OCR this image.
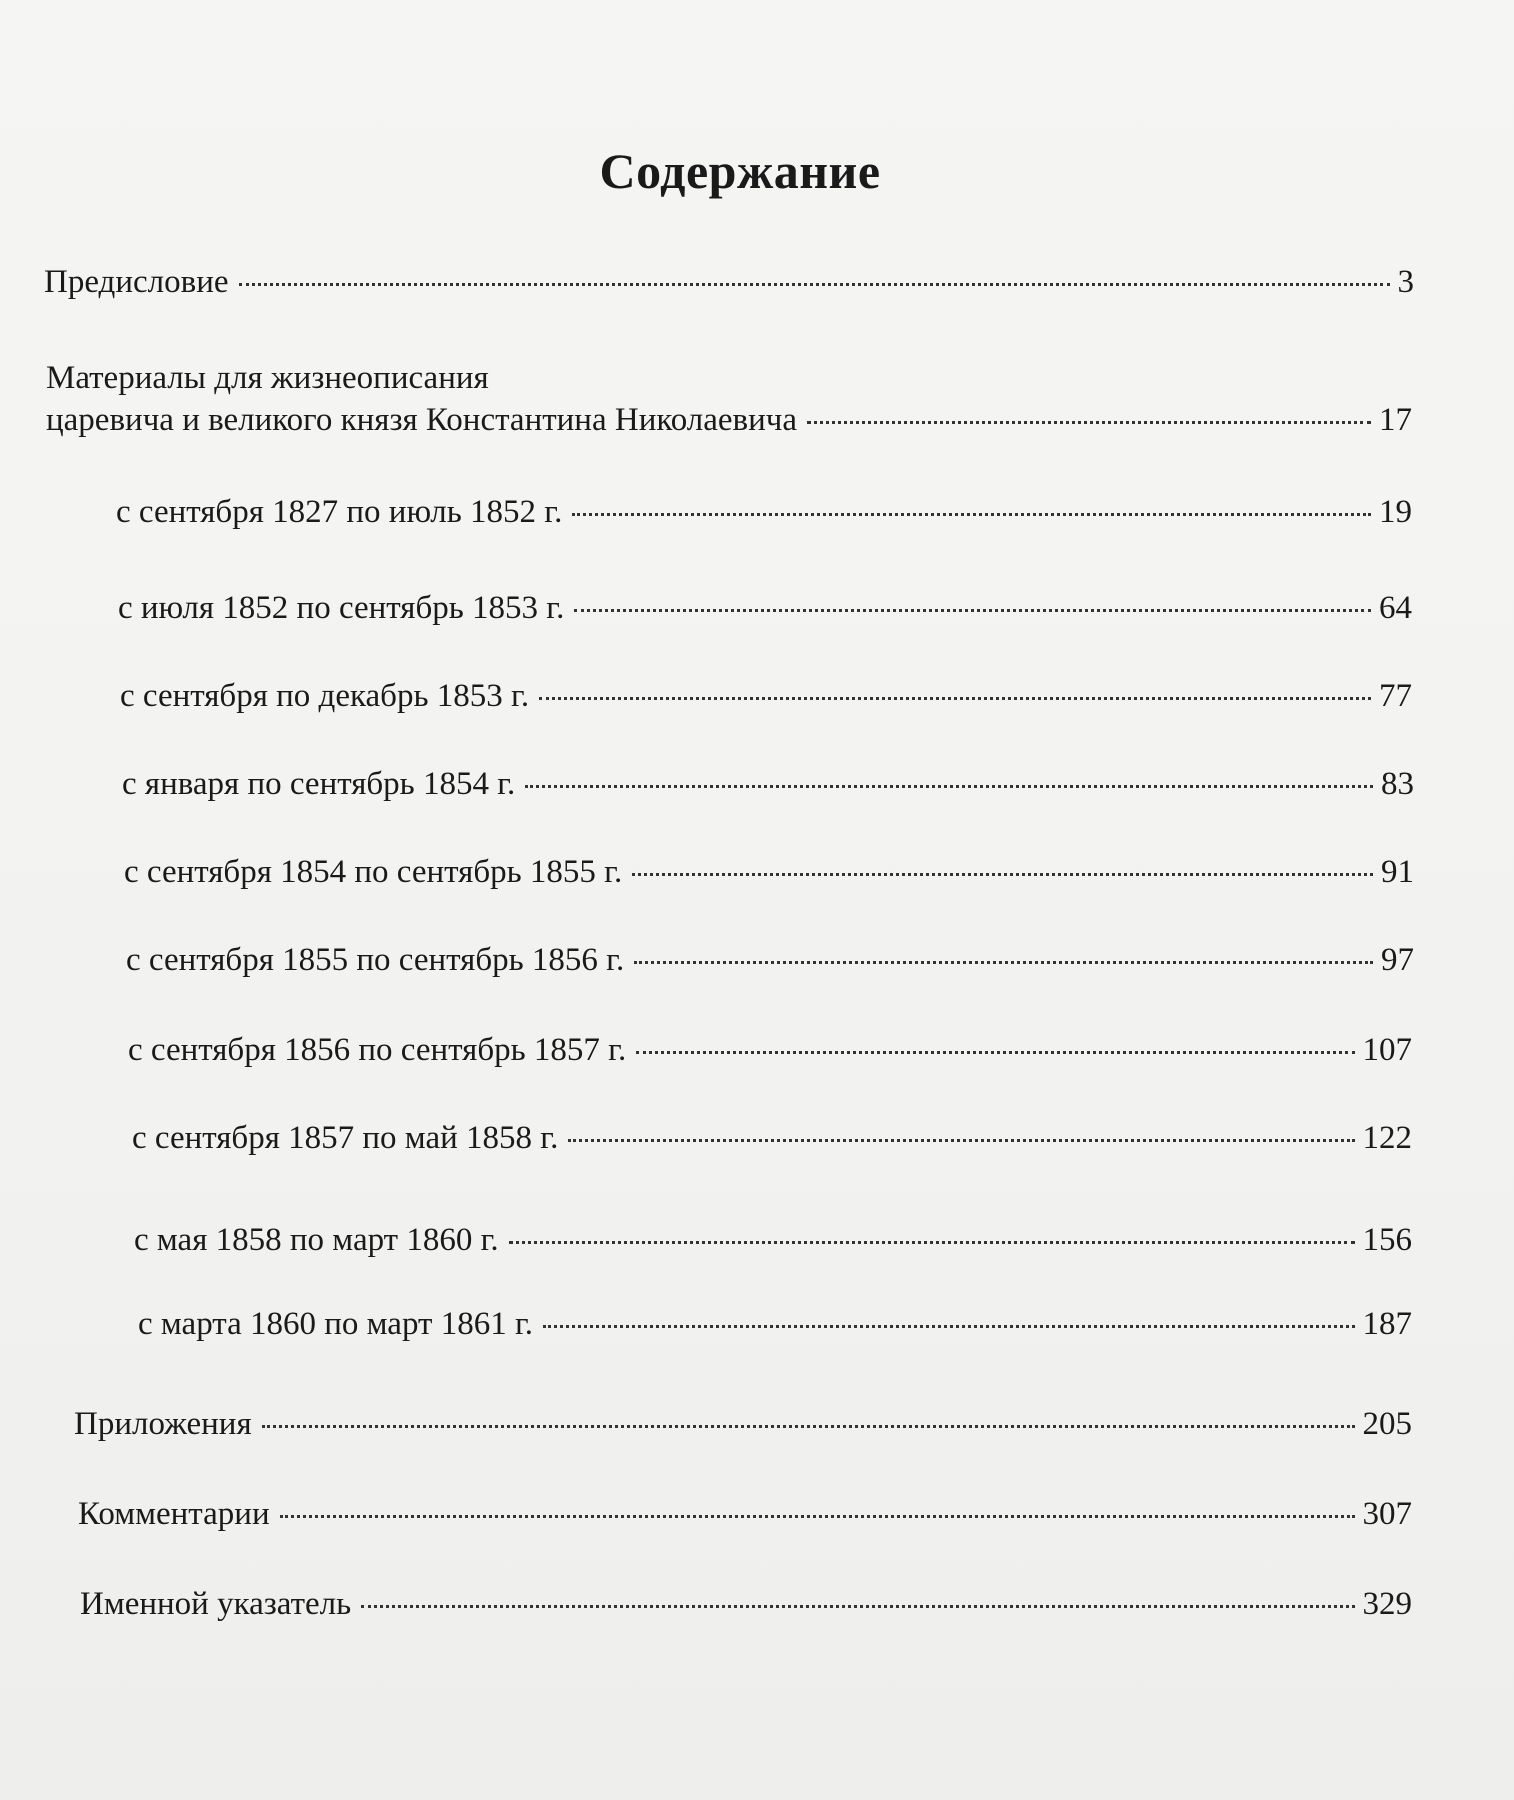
Содержание
Предисловие	3
Материалы для жизнеописания
царевича и великого князя Константина Николаевича	17
с сентября 1827 по июль 1852 г.	19
с июля 1852 по сентябрь 1853 г.	64
с сентября по декабрь 1853 г.	77
с января по сентябрь 1854 г.	83
с сентября 1854 по сентябрь 1855 г.	91
с сентября 1855 по сентябрь 1856 г.	97
с сентября 1856 по сентябрь 1857 г.	107
с сентября 1857 по май 1858 г.	122
с мая 1858 по март 1860 г.	156
с марта 1860 по март 1861 г.	187
Приложения	205
Комментарии	307
Именной указатель	329
